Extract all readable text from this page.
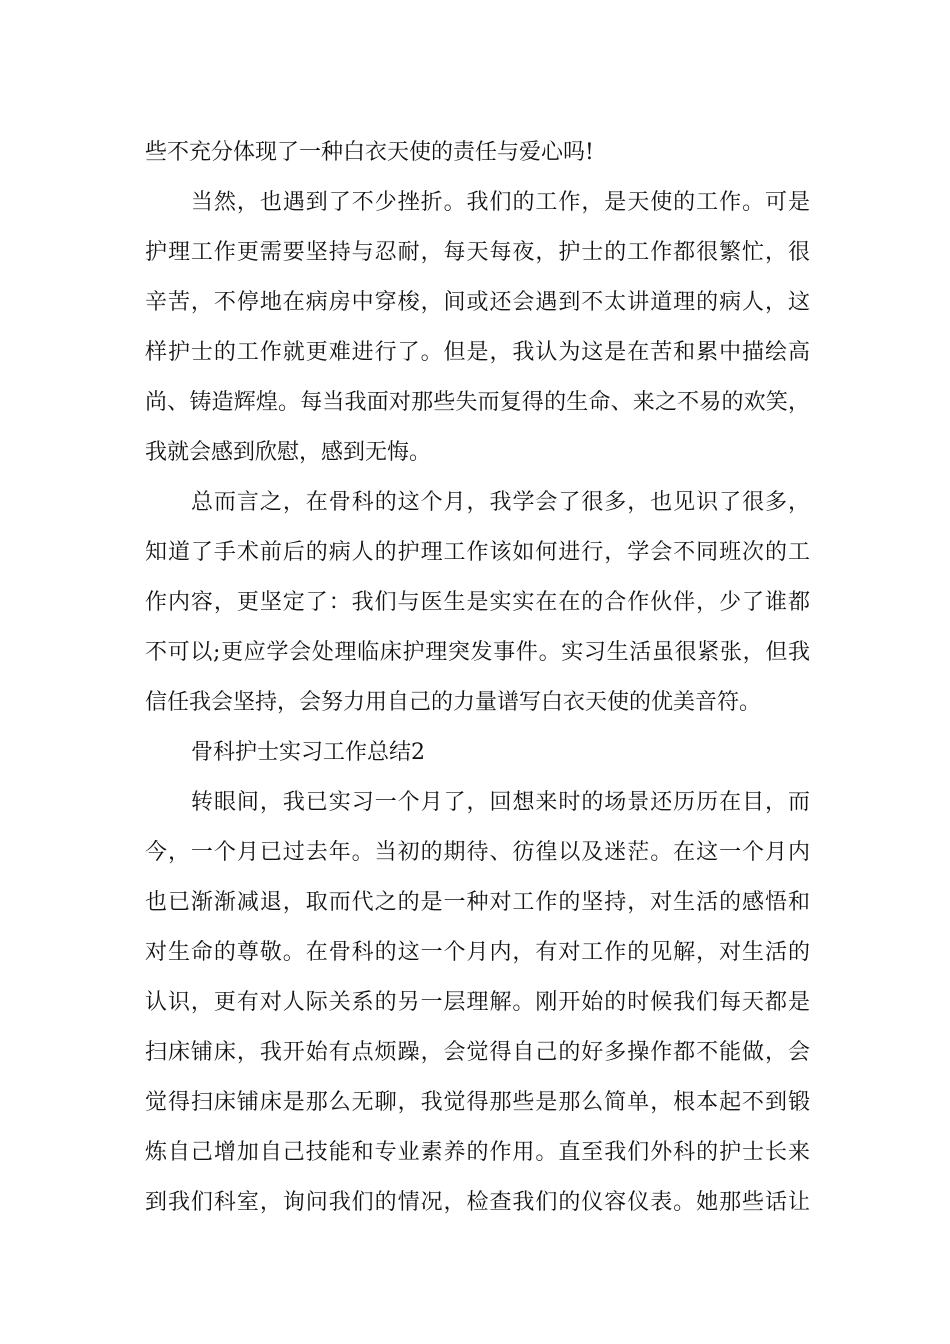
些不充分体现了一种白衣天使的责任与爱心吗!
当然，也遇到了不少挫折。我们的工作，是天使的工作。可是
护理工作更需要坚持与忍耐，每天每夜，护士的工作都很繁忙，很
辛苦，不停地在病房中穿梭，间或还会遇到不太讲道理的病人，这
样护士的工作就更难进行了。但是，我认为这是在苦和累中描绘高
尚、铸造辉煌。每当我面对那些失而复得的生命、来之不易的欢笑，
我就会感到欣慰，感到无悔。
总而言之，在骨科的这个月，我学会了很多，也见识了很多，
知道了手术前后的病人的护理工作该如何进行，学会不同班次的工
作内容，更坚定了：我们与医生是实实在在的合作伙伴，少了谁都
不可以;更应学会处理临床护理突发事件。实习生活虽很紧张，但我
信任我会坚持，会努力用自己的力量谱写白衣天使的优美音符。
骨科护士实习工作总结2
转眼间，我已实习一个月了，回想来时的场景还历历在目，而
今，一个月已过去年。当初的期待、彷徨以及迷茫。在这一个月内
也已渐渐减退，取而代之的是一种对工作的坚持，对生活的感悟和
对生命的尊敬。在骨科的这一个月内，有对工作的见解，对生活的
认识，更有对人际关系的另一层理解。刚开始的时候我们每天都是
扫床铺床，我开始有点烦躁，会觉得自己的好多操作都不能做，会
觉得扫床铺床是那么无聊，我觉得那些是那么简单，根本起不到锻
炼自己增加自己技能和专业素养的作用。直至我们外科的护士长来
到我们科室，询问我们的情况，检查我们的仪容仪表。她那些话让
